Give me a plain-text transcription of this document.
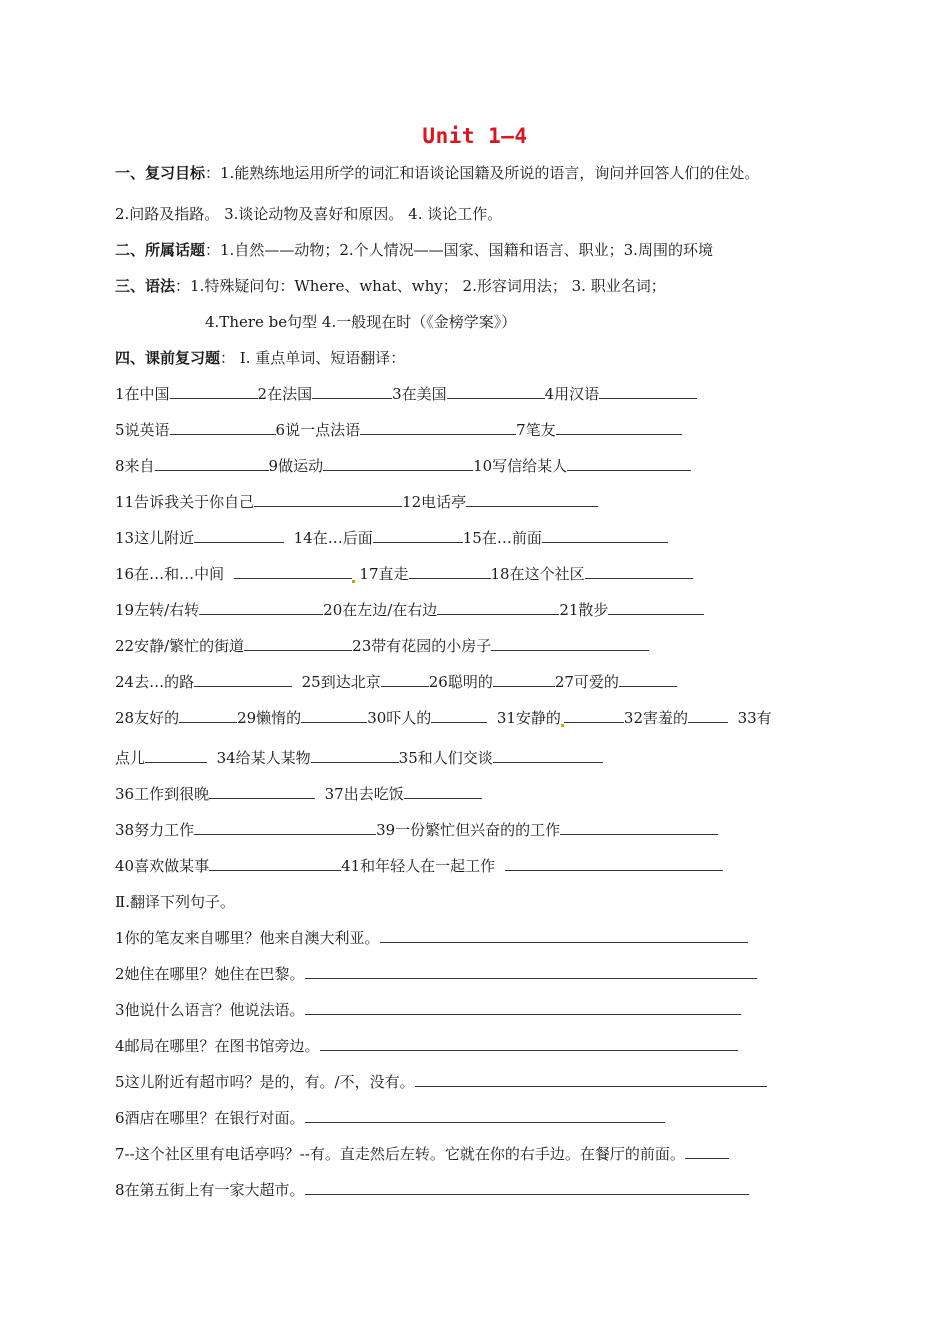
Unit 1—4
一、复习目标：1.能熟练地运用所学的词汇和语谈论国籍及所说的语言，询问并回答人们的住处。
2.问路及指路。 3.谈论动物及喜好和原因。 4. 谈论工作。
二、所属话题：1.自然——动物；2.个人情况——国家、国籍和语言、职业；3.周围的环境
三、语法：1.特殊疑问句：Where、what、why； 2.形容词用法； 3. 职业名词；
4.There be句型 4.一般现在时（《金榜学案》）
四、课前复习题： I. 重点单词、短语翻译：
1在中国	2在法国	3在美国	4用汉语
5说英语	6说一点法语	7笔友
8来自	9做运动	10写信给某人
11告诉我关于你自己	12电话亭
13这儿附近	14在…后面	15在…前面
16在…和…中间	17直走	18在这个社区
19左转/右转	20在左边/在右边	21散步
22安静/繁忙的街道	23带有花园的小房子
24去…的路	25到达北京	26聪明的	27可爱的
28友好的	29懒惰的	30吓人的	31安静的	32害羞的	33有
点儿	34给某人某物	35和人们交谈
36工作到很晚	37出去吃饭
38努力工作	39一份繁忙但兴奋的的工作
40喜欢做某事	41和年轻人在一起工作
Ⅱ.翻译下列句子。
1你的笔友来自哪里？他来自澳大利亚。
2她住在哪里？她住在巴黎。
3他说什么语言？他说法语。
4邮局在哪里？在图书馆旁边。
5这儿附近有超市吗？是的，有。/不，没有。
6酒店在哪里？在银行对面。
7--这个社区里有电话亭吗？--有。直走然后左转。它就在你的右手边。在餐厅的前面。
8在第五街上有一家大超市。
